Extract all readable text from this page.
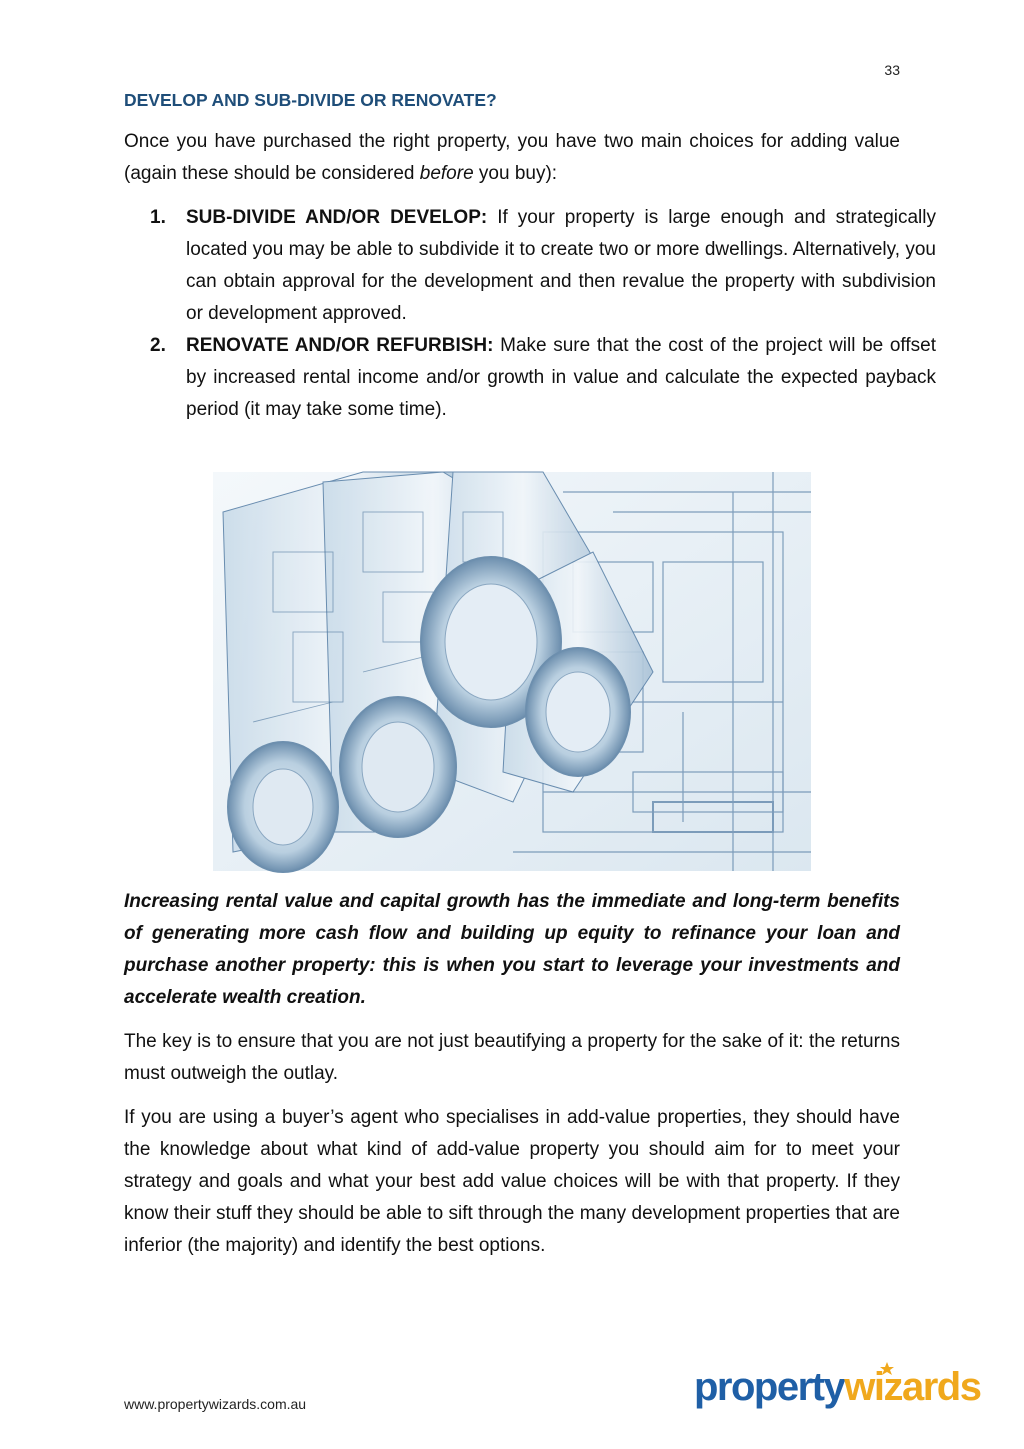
33
DEVELOP AND SUB-DIVIDE OR RENOVATE?

Once you have purchased the right property, you have two main choices for adding value (again these should be considered before you buy):

1. SUB-DIVIDE AND/OR DEVELOP: If your property is large enough and strategically located you may be able to subdivide it to create two or more dwellings. Alternatively, you can obtain approval for the development and then revalue the property with subdivision or development approved.
2. RENOVATE AND/OR REFURBISH: Make sure that the cost of the project will be offset by increased rental income and/or growth in value and calculate the expected payback period (it may take some time).

Increasing rental value and capital growth has the immediate and long-term benefits of generating more cash flow and building up equity to refinance your loan and purchase another property: this is when you start to leverage your investments and accelerate wealth creation.

The key is to ensure that you are not just beautifying a property for the sake of it: the returns must outweigh the outlay.

If you are using a buyer’s agent who specialises in add-value properties, they should have the knowledge about what kind of add-value property you should aim for to meet your strategy and goals and what your best add value choices will be with that property. If they know their stuff they should be able to sift through the many development properties that are inferior (the majority) and identify the best options.

www.propertywizards.com.au	propertywizards
